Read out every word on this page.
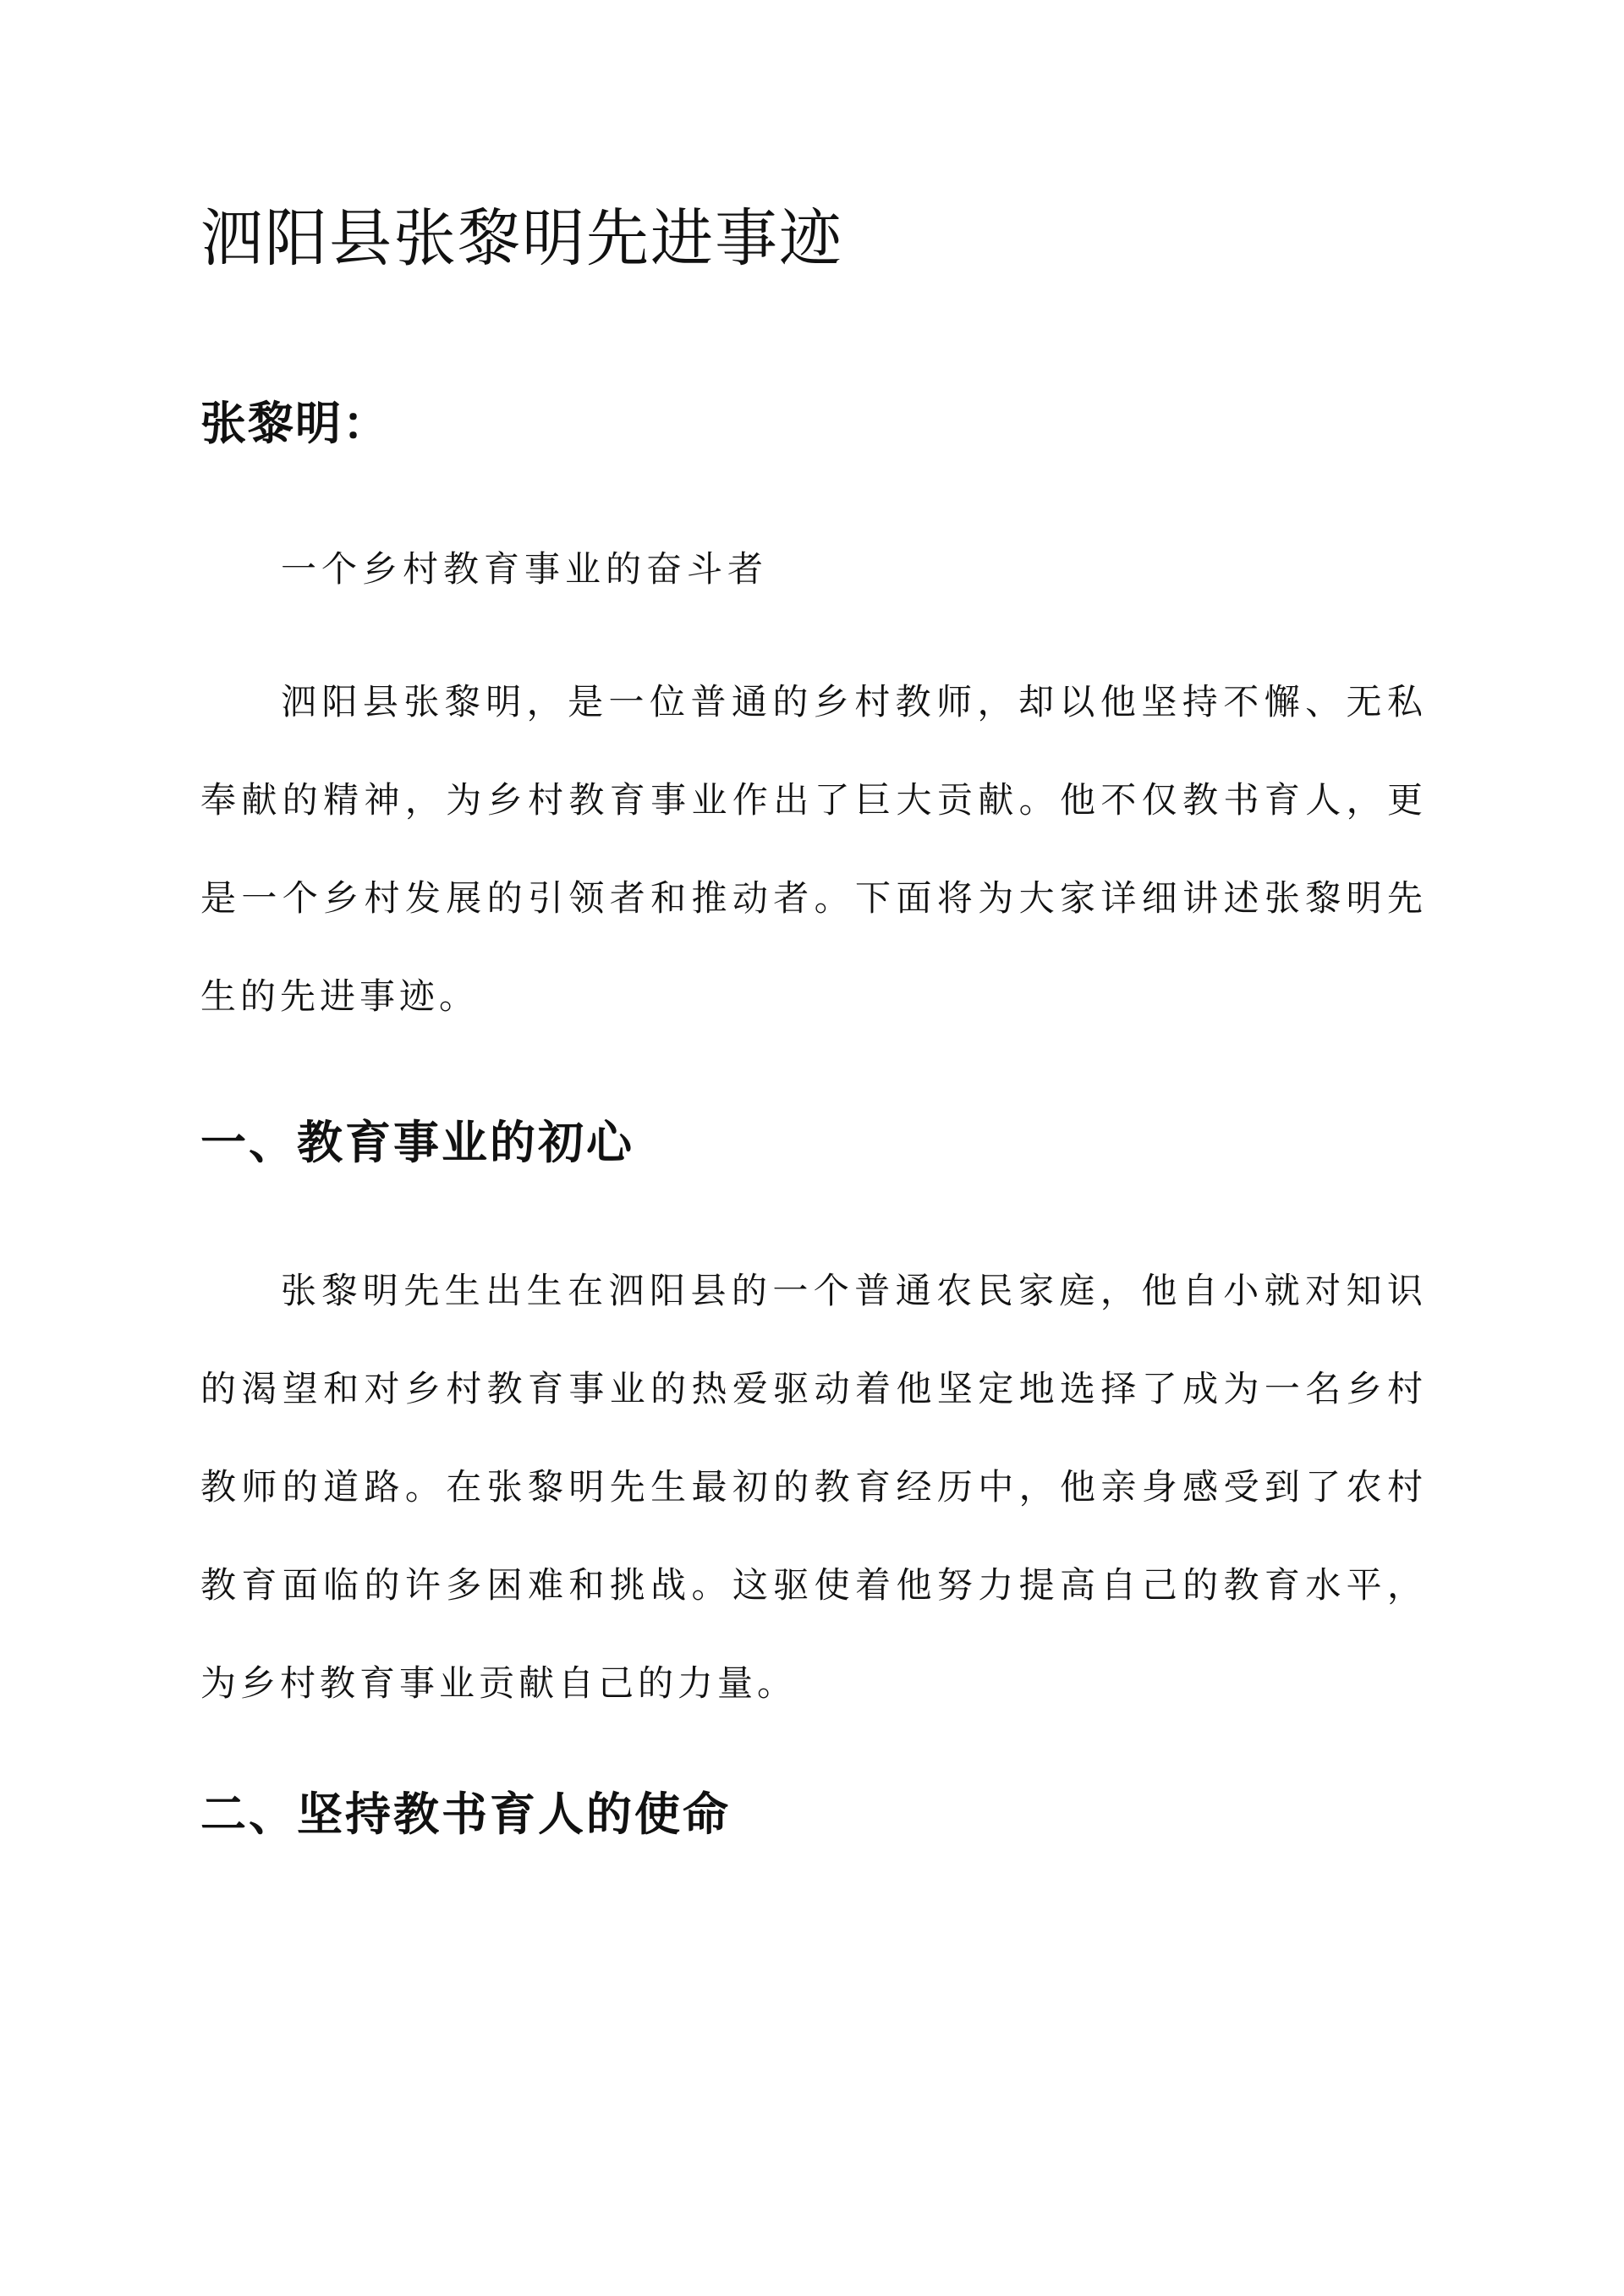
泗阳县张黎明先进事迹
张黎明：

一个乡村教育事业的奋斗者

泗阳县张黎明，是一位普通的乡村教师，却以他坚持不懈、无私奉献的精神，为乡村教育事业作出了巨大贡献。他不仅教书育人，更是一个乡村发展的引领者和推动者。下面将为大家详细讲述张黎明先生的先进事迹。

一、教育事业的初心

张黎明先生出生在泗阳县的一个普通农民家庭，他自小就对知识的渴望和对乡村教育事业的热爱驱动着他坚定地选择了成为一名乡村教师的道路。在张黎明先生最初的教育经历中，他亲身感受到了农村教育面临的许多困难和挑战。这驱使着他努力提高自己的教育水平，为乡村教育事业贡献自己的力量。

二、坚持教书育人的使命
